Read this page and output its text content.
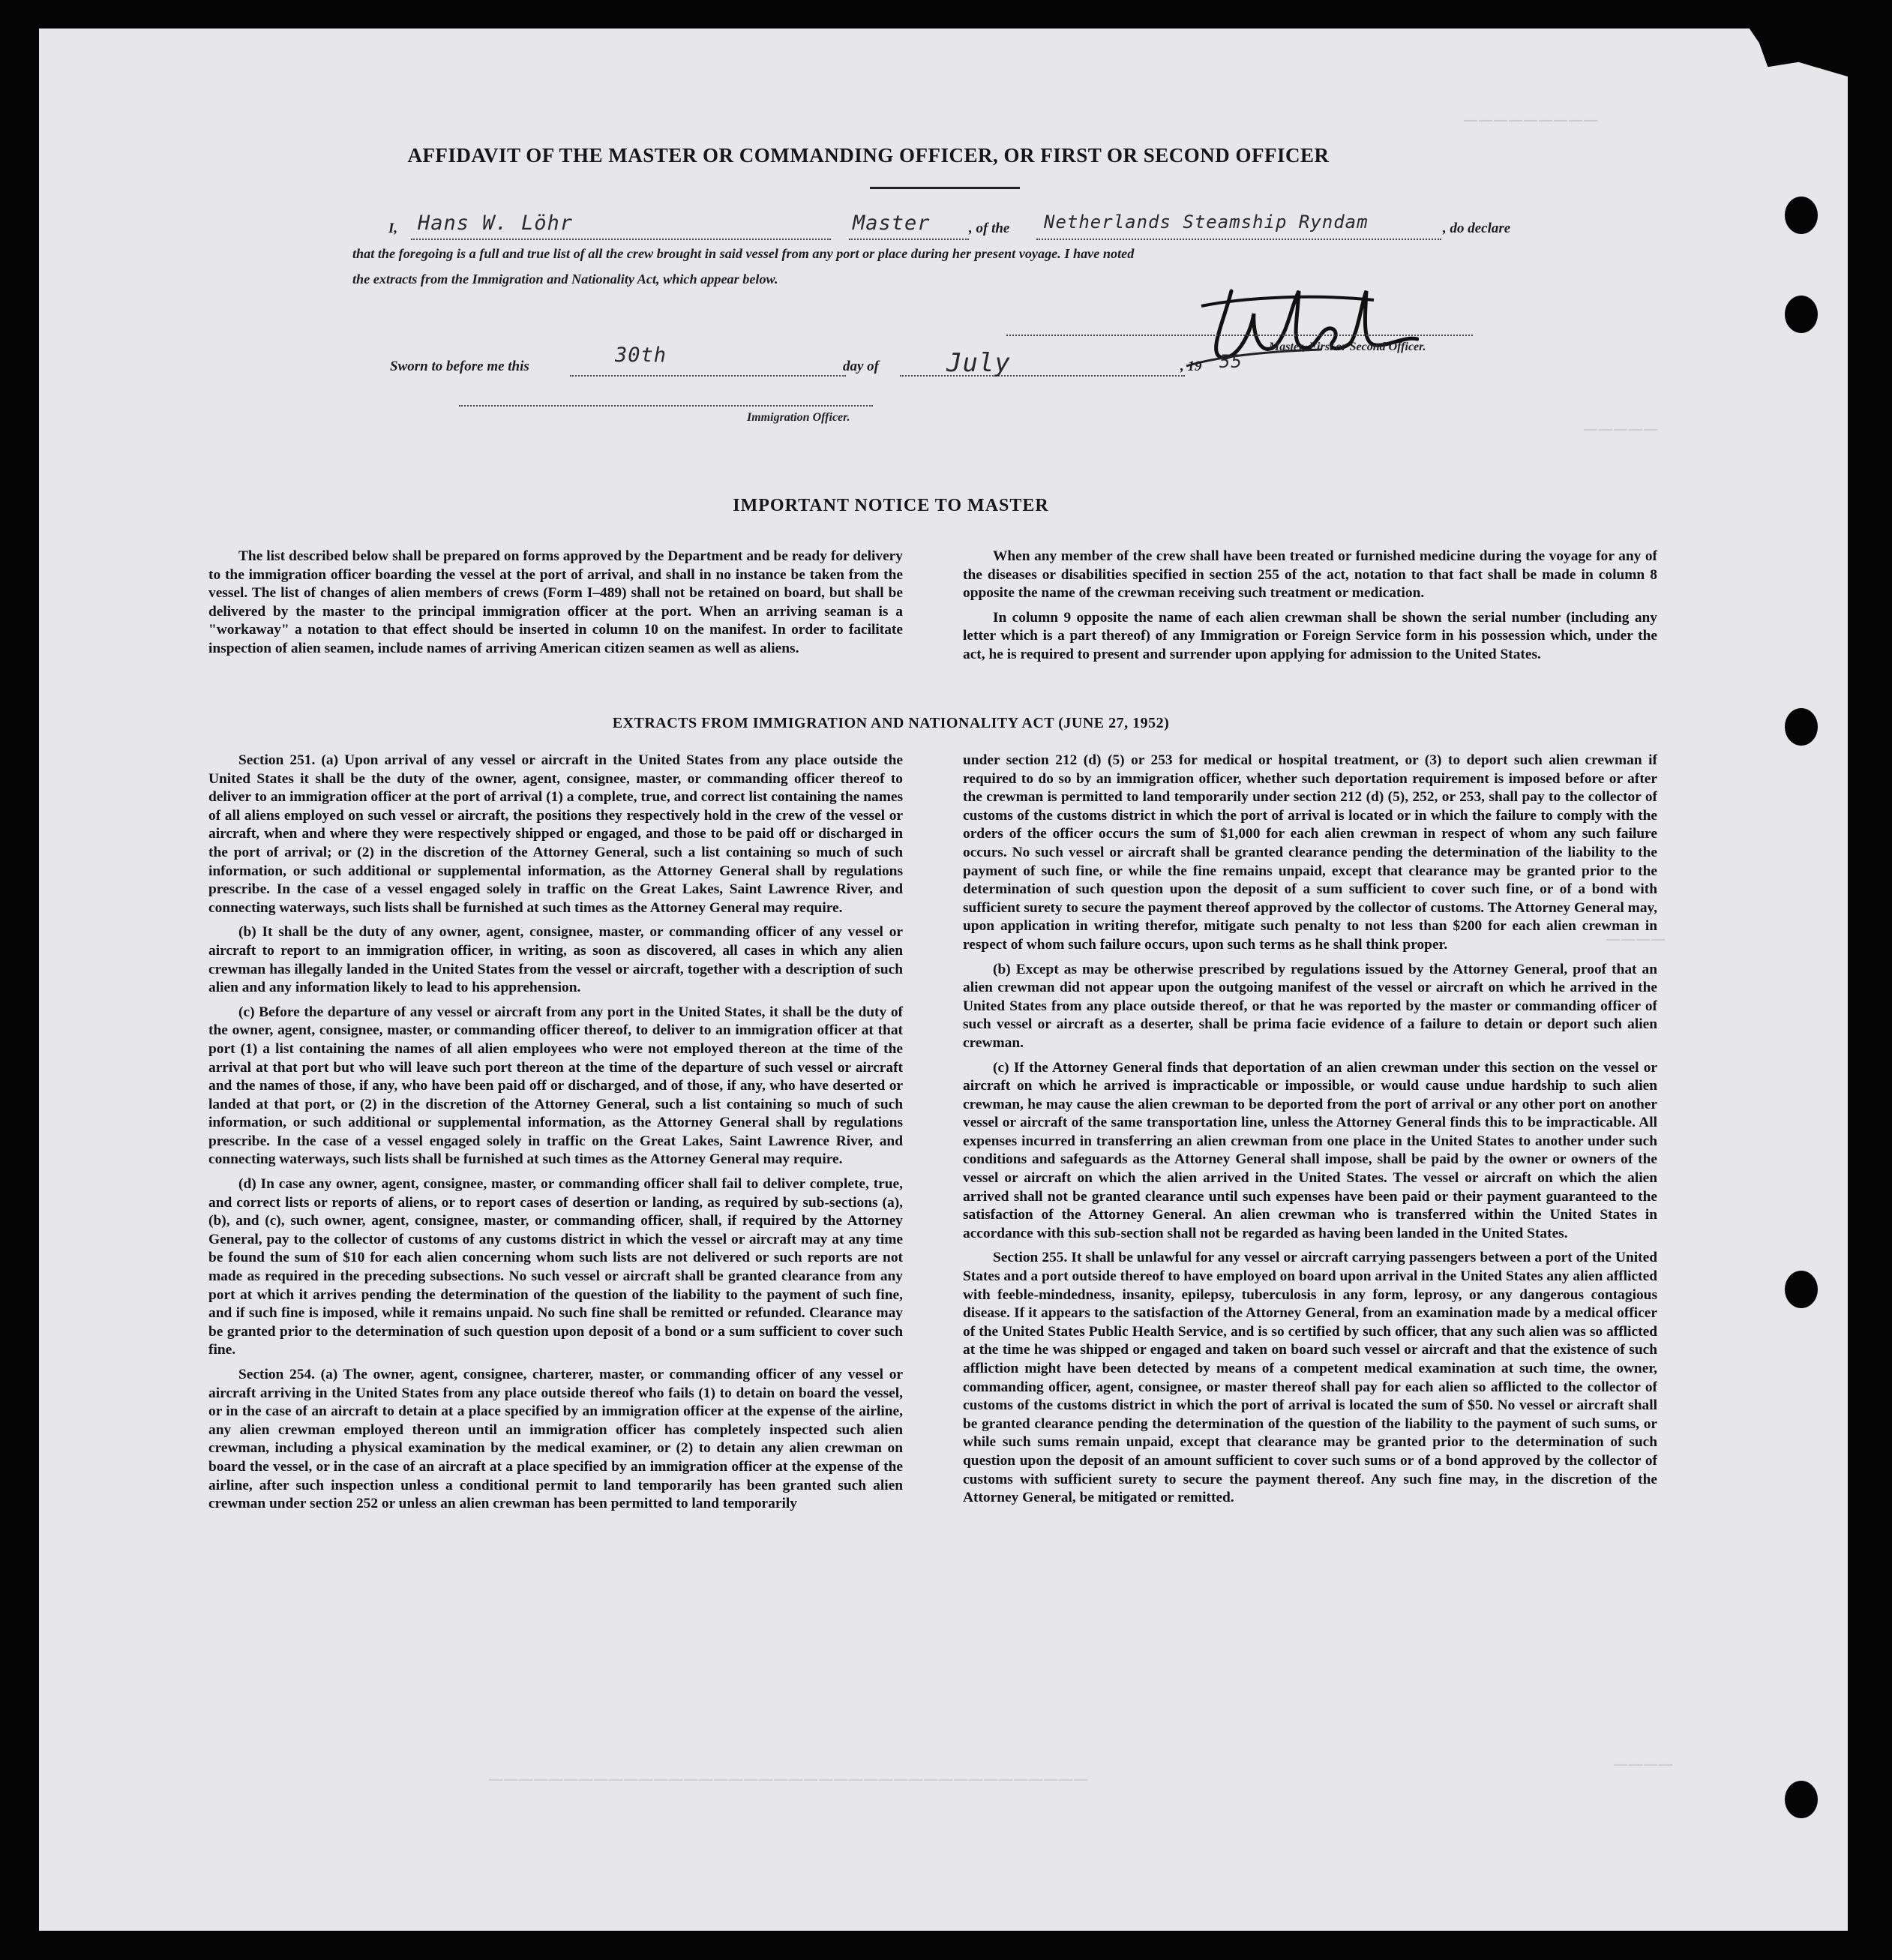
─────────
─────
────
────
────────────────────────────────────────
AFFIDAVIT OF THE MASTER OR COMMANDING OFFICER, OR FIRST OR SECOND OFFICER
I, Hans W. Löhr	Master	, of the Netherlands Steamship Ryndam	, do declare
that the foregoing is a full and true list of all the crew brought in said vessel from any port or place during her present voyage. I have noted
the extracts from the Immigration and Nationality Act, which appear below.
Master, First or Second Officer.
Sworn to before me this	30th	day of	July	, 19 55
Immigration Officer.
IMPORTANT NOTICE TO MASTER

The list described below shall be prepared on forms approved by the Department and be ready for delivery to the immigration officer boarding the vessel at the port of arrival, and shall in no instance be taken from the vessel. The list of changes of alien members of crews (Form I–489) shall not be retained on board, but shall be delivered by the master to the principal immigration officer at the port. When an arriving seaman is a "workaway" a notation to that effect should be inserted in column 10 on the manifest. In order to facilitate inspection of alien seamen, include names of arriving American citizen seamen as well as aliens.

When any member of the crew shall have been treated or furnished medicine during the voyage for any of the diseases or disabilities specified in section 255 of the act, notation to that fact shall be made in column 8 opposite the name of the crewman receiving such treatment or medication.

In column 9 opposite the name of each alien crewman shall be shown the serial number (including any letter which is a part thereof) of any Immigration or Foreign Service form in his possession which, under the act, he is required to present and surrender upon applying for admission to the United States.

EXTRACTS FROM IMMIGRATION AND NATIONALITY ACT (JUNE 27, 1952)

Section 251. (a) Upon arrival of any vessel or aircraft in the United States from any place outside the United States it shall be the duty of the owner, agent, consignee, master, or commanding officer thereof to deliver to an immigration officer at the port of arrival (1) a complete, true, and correct list containing the names of all aliens employed on such vessel or aircraft, the positions they respectively hold in the crew of the vessel or aircraft, when and where they were respectively shipped or engaged, and those to be paid off or discharged in the port of arrival; or (2) in the discretion of the Attorney General, such a list containing so much of such information, or such additional or supplemental information, as the Attorney General shall by regulations prescribe. In the case of a vessel engaged solely in traffic on the Great Lakes, Saint Lawrence River, and connecting waterways, such lists shall be furnished at such times as the Attorney General may require.

(b) It shall be the duty of any owner, agent, consignee, master, or commanding officer of any vessel or aircraft to report to an immigration officer, in writing, as soon as discovered, all cases in which any alien crewman has illegally landed in the United States from the vessel or aircraft, together with a description of such alien and any information likely to lead to his apprehension.

(c) Before the departure of any vessel or aircraft from any port in the United States, it shall be the duty of the owner, agent, consignee, master, or commanding officer thereof, to deliver to an immigration officer at that port (1) a list containing the names of all alien employees who were not employed thereon at the time of the arrival at that port but who will leave such port thereon at the time of the departure of such vessel or aircraft and the names of those, if any, who have been paid off or discharged, and of those, if any, who have deserted or landed at that port, or (2) in the discretion of the Attorney General, such a list containing so much of such information, or such additional or supplemental information, as the Attorney General shall by regulations prescribe. In the case of a vessel engaged solely in traffic on the Great Lakes, Saint Lawrence River, and connecting waterways, such lists shall be furnished at such times as the Attorney General may require.

(d) In case any owner, agent, consignee, master, or commanding officer shall fail to deliver complete, true, and correct lists or reports of aliens, or to report cases of desertion or landing, as required by sub-sections (a), (b), and (c), such owner, agent, consignee, master, or commanding officer, shall, if required by the Attorney General, pay to the collector of customs of any customs district in which the vessel or aircraft may at any time be found the sum of $10 for each alien concerning whom such lists are not delivered or such reports are not made as required in the preceding subsections. No such vessel or aircraft shall be granted clearance from any port at which it arrives pending the determination of the question of the liability to the payment of such fine, and if such fine is imposed, while it remains unpaid. No such fine shall be remitted or refunded. Clearance may be granted prior to the determination of such question upon deposit of a bond or a sum sufficient to cover such fine.

Section 254. (a) The owner, agent, consignee, charterer, master, or commanding officer of any vessel or aircraft arriving in the United States from any place outside thereof who fails (1) to detain on board the vessel, or in the case of an aircraft to detain at a place specified by an immigration officer at the expense of the airline, any alien crewman employed thereon until an immigration officer has completely inspected such alien crewman, including a physical examination by the medical examiner, or (2) to detain any alien crewman on board the vessel, or in the case of an aircraft at a place specified by an immigration officer at the expense of the airline, after such inspection unless a conditional permit to land temporarily has been granted such alien crewman under section 252 or unless an alien crewman has been permitted to land temporarily

under section 212 (d) (5) or 253 for medical or hospital treatment, or (3) to deport such alien crewman if required to do so by an immigration officer, whether such deportation requirement is imposed before or after the crewman is permitted to land temporarily under section 212 (d) (5), 252, or 253, shall pay to the collector of customs of the customs district in which the port of arrival is located or in which the failure to comply with the orders of the officer occurs the sum of $1,000 for each alien crewman in respect of whom any such failure occurs. No such vessel or aircraft shall be granted clearance pending the determination of the liability to the payment of such fine, or while the fine remains unpaid, except that clearance may be granted prior to the determination of such question upon the deposit of a sum sufficient to cover such fine, or of a bond with sufficient surety to secure the payment thereof approved by the collector of customs. The Attorney General may, upon application in writing therefor, mitigate such penalty to not less than $200 for each alien crewman in respect of whom such failure occurs, upon such terms as he shall think proper.

(b) Except as may be otherwise prescribed by regulations issued by the Attorney General, proof that an alien crewman did not appear upon the outgoing manifest of the vessel or aircraft on which he arrived in the United States from any place outside thereof, or that he was reported by the master or commanding officer of such vessel or aircraft as a deserter, shall be prima facie evidence of a failure to detain or deport such alien crewman.

(c) If the Attorney General finds that deportation of an alien crewman under this section on the vessel or aircraft on which he arrived is impracticable or impossible, or would cause undue hardship to such alien crewman, he may cause the alien crewman to be deported from the port of arrival or any other port on another vessel or aircraft of the same transportation line, unless the Attorney General finds this to be impracticable. All expenses incurred in transferring an alien crewman from one place in the United States to another under such conditions and safeguards as the Attorney General shall impose, shall be paid by the owner or owners of the vessel or aircraft on which the alien arrived in the United States. The vessel or aircraft on which the alien arrived shall not be granted clearance until such expenses have been paid or their payment guaranteed to the satisfaction of the Attorney General. An alien crewman who is transferred within the United States in accordance with this sub-section shall not be regarded as having been landed in the United States.

Section 255. It shall be unlawful for any vessel or aircraft carrying passengers between a port of the United States and a port outside thereof to have employed on board upon arrival in the United States any alien afflicted with feeble-mindedness, insanity, epilepsy, tuberculosis in any form, leprosy, or any dangerous contagious disease. If it appears to the satisfaction of the Attorney General, from an examination made by a medical officer of the United States Public Health Service, and is so certified by such officer, that any such alien was so afflicted at the time he was shipped or engaged and taken on board such vessel or aircraft and that the existence of such affliction might have been detected by means of a competent medical examination at such time, the owner, commanding officer, agent, consignee, or master thereof shall pay for each alien so afflicted to the collector of customs of the customs district in which the port of arrival is located the sum of $50. No vessel or aircraft shall be granted clearance pending the determination of the question of the liability to the payment of such sums, or while such sums remain unpaid, except that clearance may be granted prior to the determination of such question upon the deposit of an amount sufficient to cover such sums or of a bond approved by the collector of customs with sufficient surety to secure the payment thereof. Any such fine may, in the discretion of the Attorney General, be mitigated or remitted.
